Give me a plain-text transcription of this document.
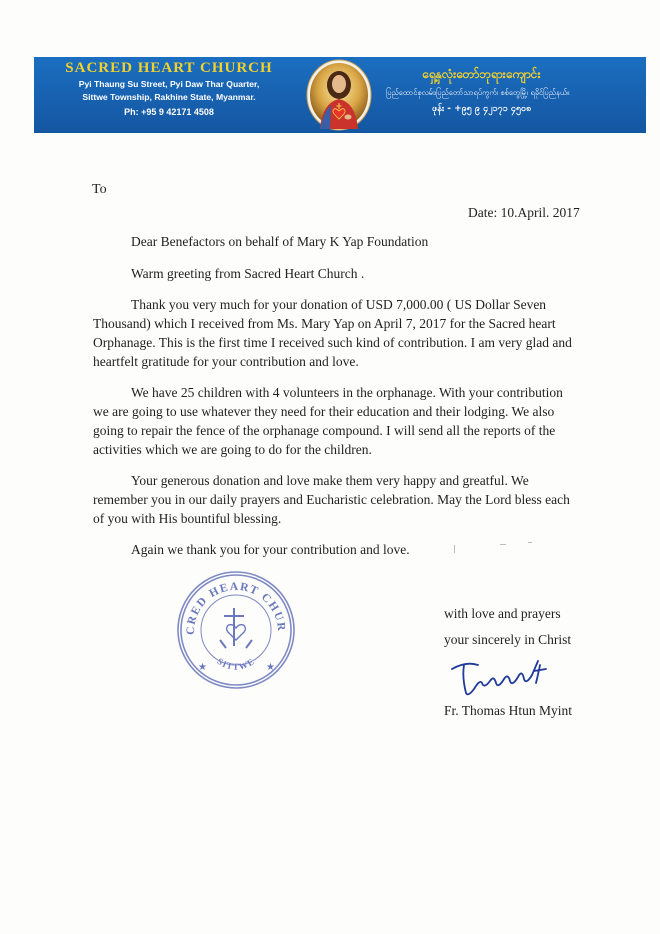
SACRED HEART CHURCH
Pyi Thaung Su Street, Pyi Daw Thar Quarter,
Sittwe Township, Rakhine State, Myanmar.
Ph: +95 9 42171 4508
ရှေ့နှလုံးတော်ဘုရားကျောင်း
ပြည်ထောင်စုလမ်း၊ပြည်တော်သာရပ်ကွက်၊ စစ်တွေမြို့၊ ရခိုင်ပြည်နယ်။
ဖုန်း - +၉၅ ၉ ၄၂၁၇၁ ၄၅၀၈
To
Date: 10.April. 2017

Dear Benefactors on behalf of Mary K Yap Foundation

Warm greeting from Sacred Heart Church .

Thank you very much for your donation of USD 7,000.00 ( US Dollar Seven Thousand) which I received from Ms. Mary Yap on April 7, 2017 for the Sacred heart Orphanage. This is the first time I received such kind of contribution. I am very glad and heartfelt gratitude for your contribution and love.

We have 25 children with 4 volunteers in the orphanage. With your contribution we are going to use whatever they need for their education and their lodging. We also going to repair the fence of the orphanage compound. I will send all the reports of the activities which we are going to do for the children.

Your generous donation and love make them very happy and greatful. We remember you in our daily prayers and Eucharistic celebration. May the Lord bless each of you with His bountiful blessing.

Again we thank you for your contribution and love.

CRED HEART CHUR
SITTWE
★	★
with love and prayers
your sincerely in Christ
Fr. Thomas Htun Myint
